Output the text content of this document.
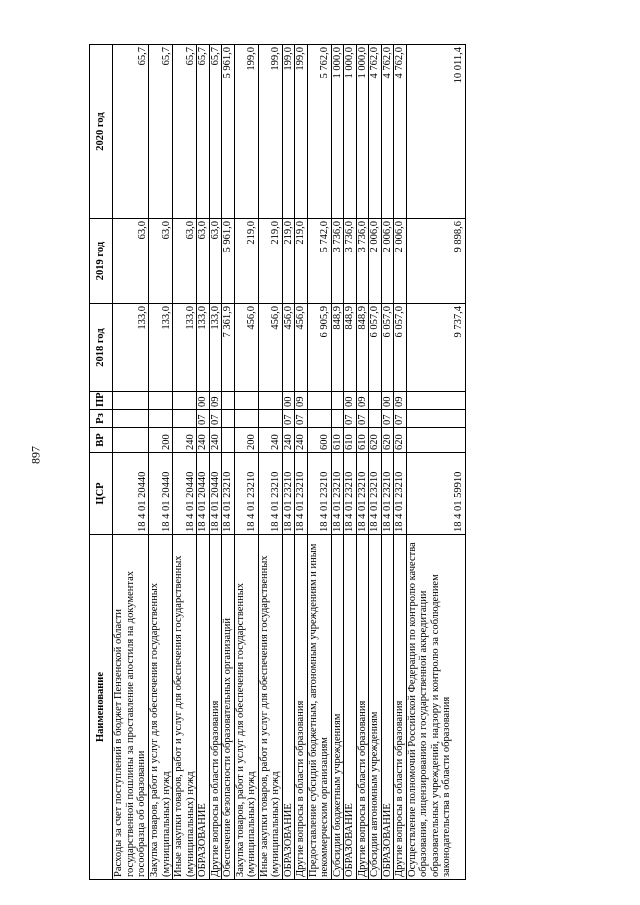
897
Наименование	ЦСР	ВР	Рз	ПР	2018 год	2019 год	2020 год
Расходы за счет поступлений в бюджет Пензенской области государственной пошлины за проставление апостиля на документах госообразца об образовании	18 4 01 20440				133,0	63,0	65,7
Закупка товаров, работ и услуг для обеспечения государственных (муниципальных) нужд	18 4 01 20440	200			133,0	63,0	65,7
Иные закупки товаров, работ и услуг для обеспечения государственных (муниципальных) нужд	18 4 01 20440	240			133,0	63,0	65,7
ОБРАЗОВАНИЕ	18 4 01 20440	240	07	00	133,0	63,0	65,7
Другие вопросы в области образования	18 4 01 20440	240	07	09	133,0	63,0	65,7
Обеспечение безопасности образовательных организаций	18 4 01 23210				7 361,9	5 961,0	5 961,0
Закупка товаров, работ и услуг для обеспечения государственных (муниципальных) нужд	18 4 01 23210	200			456,0	219,0	199,0
Иные закупки товаров, работ и услуг для обеспечения государственных (муниципальных) нужд	18 4 01 23210	240			456,0	219,0	199,0
ОБРАЗОВАНИЕ	18 4 01 23210	240	07	00	456,0	219,0	199,0
Другие вопросы в области образования	18 4 01 23210	240	07	09	456,0	219,0	199,0
Предоставление субсидий бюджетным, автономным учреждениям и иным некоммерческим организациям	18 4 01 23210	600			6 905,9	5 742,0	5 762,0
Субсидии бюджетным учреждениям	18 4 01 23210	610			848,9	3 736,0	1 000,0
ОБРАЗОВАНИЕ	18 4 01 23210	610	07	00	848,9	3 736,0	1 000,0
Другие вопросы в области образования	18 4 01 23210	610	07	09	848,9	3 736,0	1 000,0
Субсидии автономным учреждениям	18 4 01 23210	620			6 057,0	2 006,0	4 762,0
ОБРАЗОВАНИЕ	18 4 01 23210	620	07	00	6 057,0	2 006,0	4 762,0
Другие вопросы в области образования	18 4 01 23210	620	07	09	6 057,0	2 006,0	4 762,0
Осуществление полномочий Российской Федерации по контролю качества образования, лицензированию и государственной аккредитации образовательных учреждений, надзору и контролю за соблюдением законодательства в области образования	18 4 01 59910				9 737,4	9 898,6	10 011,4
